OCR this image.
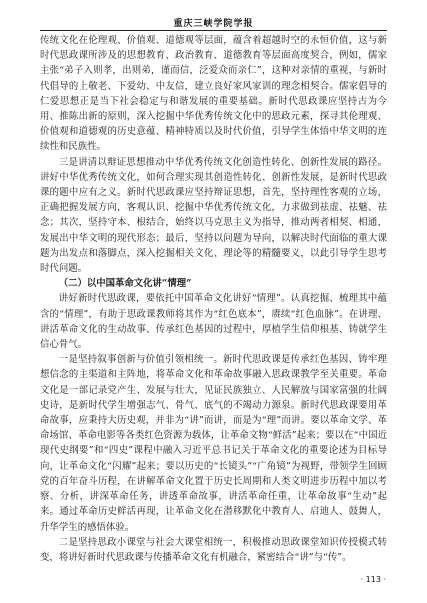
重庆三峡学院学报

传统文化在伦理观、价值观、道德观等层面，蕴含着超越时空的永恒价值，这与新时代思政课所涉及的思想教育、政治教育、道德教育等层面高度契合，例如，儒家主张“弟子入则孝，出则弟，谨而信，泛爱众而亲仁”，这种对亲情的重视，与新时代倡导的上敬老、下爱幼、中友信，建立良好家风家训的理念相契合。儒家倡导的仁爱思想正是当下社会稳定与和谐发展的重要基础。新时代思政课应坚持古为今用、推陈出新的原则，深入挖掘中华优秀传统文化中的思政元素，探寻其伦理观、价值观和道德观的历史意蕴、精神特质以及时代价值，引导学生体悟中华文明的连续性和民族性。

三是讲清以辩证思想推动中华优秀传统文化创造性转化、创新性发展的路径。讲好中华优秀传统文化，如何合理实现其创造性转化、创新性发展，是新时代思政课的题中应有之义。新时代思政课应坚持辩证思想，首先，坚持理性客观的立场，正确把握发展方向，客观认识、挖掘中华优秀传统文化，力求做到祛虚、祛魅、祛念；其次，坚持守本、根结合，始终以马克思主义为指导，推动两者相契、相通，发展出中华文明的现代形态；最后，坚持以问题为导向，以解决时代面临的重大课题为出发点和落脚点，深入挖掘相关文化、理论等的精髓要义，以此引导学生思考时代问题。

（二）以中国革命文化讲“情理”

讲好新时代思政课，要依托中国革命文化讲好“情理”。认真挖掘、梳理其中蕴含的“情理”，有助于思政课教师将其作为“红色底本”，赓续“红色血脉”。在讲理、讲活革命文化的生动故事、传承红色基因的过程中，厚植学生信仰根基、铸就学生信心骨气。

一是坚持叙事创新与价值引领相统一。新时代思政课是传承红色基因、铸牢理想信念的主渠道和主阵地，将革命文化和革命故事融入思政课教学至关重要。革命文化是一部记录党产生、发展与壮大，见证民族独立、人民解放与国家富强的壮阔史诗，是新时代学生增强志气、骨气、底气的不竭动力源泉。新时代思政课要用革命故事，应秉持大历史观，并非为“讲”而讲，而是为“理”而讲。要以革命文学、革命场馆、革命电影等各类红色资源为载体，让革命文物“鲜活”起来；要以在“中国近现代史纲要”和“四史”课程中融入习近平总书记关于革命文化的重要论述为目标导向，让革命文化“闪耀”起来；要以历史的“长镜头”“广角镜”为视野，带领学生回顾党的百年奋斗历程，在讲解革命文化置于历史长周期和人类文明进步历程中加以考察、分析，讲深革命任务，讲透革命故事，讲活革命任重，让革命故事“生动”起来。通过革命历史鲜活再现，让革命文化在潜移默化中教育人、启迪人、鼓舞人，升华学生的感悟体验。

二是坚持思政小课堂与社会大课堂相统一，积极推动思政课堂知识传授模式转变，将讲好新时代思政课与传播革命文化有机融合，紧密结合“讲”与“传”。

· 113 ·
